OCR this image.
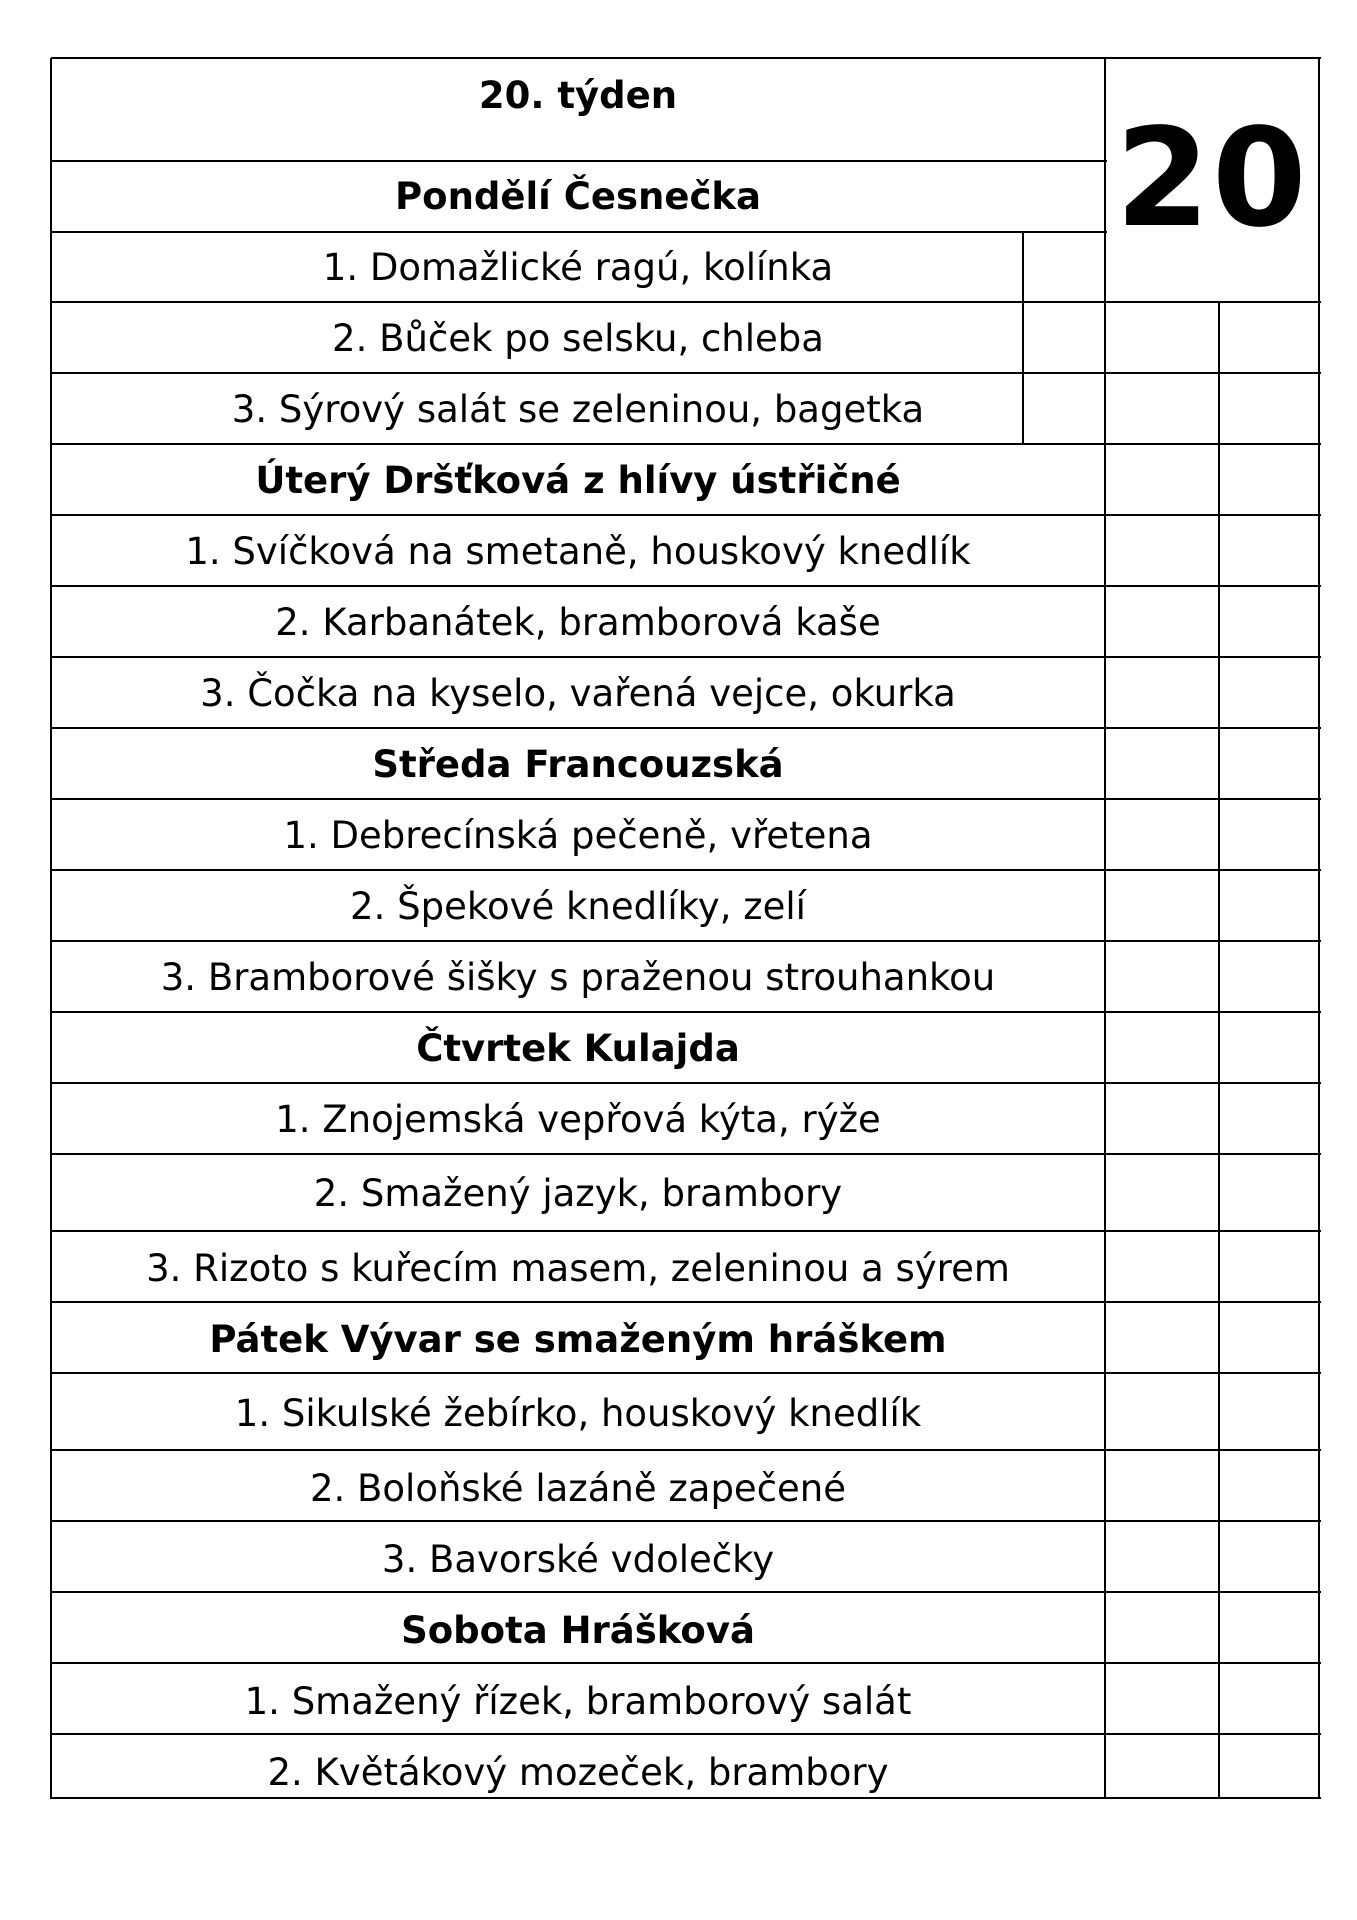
20. týden
20
Pondělí Česnečka
1. Domažlické ragú, kolínka
2. Bůček po selsku, chleba
3. Sýrový salát se zeleninou, bagetka
Úterý Dršťková z hlívy ústřičné
1. Svíčková na smetaně, houskový knedlík
2. Karbanátek, bramborová kaše
3. Čočka na kyselo, vařená vejce, okurka
Středa Francouzská
1. Debrecínská pečeně, vřetena
2. Špekové knedlíky, zelí
3. Bramborové šišky s praženou strouhankou
Čtvrtek Kulajda
1. Znojemská vepřová kýta, rýže
2. Smažený jazyk, brambory
3. Rizoto s kuřecím masem, zeleninou a sýrem
Pátek Vývar se smaženým hráškem
1. Sikulské žebírko, houskový knedlík
2. Boloňské lazáně zapečené
3. Bavorské vdolečky
Sobota Hrášková
1. Smažený řízek, bramborový salát
2. Květákový mozeček, brambory
